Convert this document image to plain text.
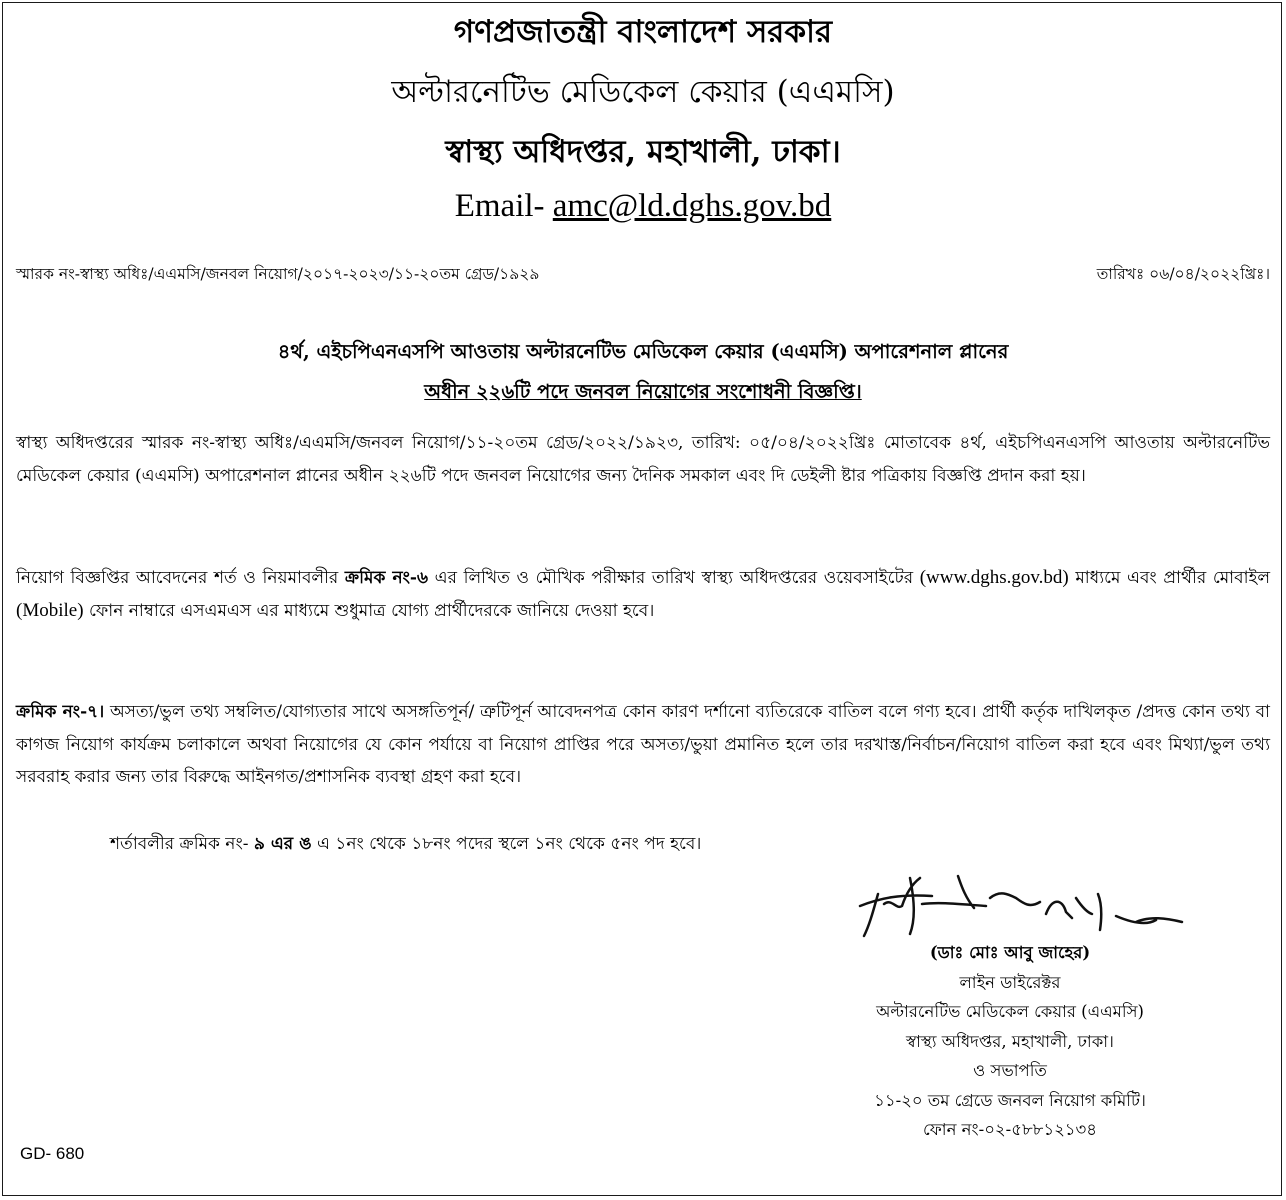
গণপ্রজাতন্ত্রী বাংলাদেশ সরকার
অল্টারনেটিভ মেডিকেল কেয়ার (এএমসি)
স্বাস্থ্য অধিদপ্তর, মহাখালী, ঢাকা।
Email- amc@ld.dghs.gov.bd
স্মারক নং-স্বাস্থ্য অধিঃ/এএমসি/জনবল নিয়োগ/২০১৭-২০২৩/১১-২০তম গ্রেড/১৯২৯	তারিখঃ ০৬/০৪/২০২২খ্রিঃ।
৪র্থ, এইচপিএনএসপি আওতায় অল্টারনেটিভ মেডিকেল কেয়ার (এএমসি) অপারেশনাল প্লানের
অধীন ২২৬টি পদে জনবল নিয়োগের সংশোধনী বিজ্ঞপ্তি।
স্বাস্থ্য অধিদপ্তরের স্মারক নং-স্বাস্থ্য অধিঃ/এএমসি/জনবল নিয়োগ/১১-২০তম গ্রেড/২০২২/১৯২৩, তারিখ: ০৫/০৪/২০২২খ্রিঃ মোতাবেক ৪র্থ, এইচপিএনএসপি আওতায় অল্টারনেটিভ মেডিকেল কেয়ার (এএমসি) অপারেশনাল প্লানের অধীন ২২৬টি পদে জনবল নিয়োগের জন্য দৈনিক সমকাল এবং দি ডেইলী ষ্টার পত্রিকায় বিজ্ঞপ্তি প্রদান করা হয়।
নিয়োগ বিজ্ঞপ্তির আবেদনের শর্ত ও নিয়মাবলীর ক্রমিক নং-৬ এর লিখিত ও মৌখিক পরীক্ষার তারিখ স্বাস্থ্য অধিদপ্তরের ওয়েবসাইটের (www.dghs.gov.bd) মাধ্যমে এবং প্রার্থীর মোবাইল (Mobile) ফোন নাম্বারে এসএমএস এর মাধ্যমে শুধুমাত্র যোগ্য প্রার্থীদেরকে জানিয়ে দেওয়া হবে।
ক্রমিক নং-৭। অসত্য/ভুল তথ্য সম্বলিত/যোগ্যতার সাথে অসঙ্গতিপূর্ন/ ত্রুটিপূর্ন আবেদনপত্র কোন কারণ দর্শানো ব্যতিরেকে বাতিল বলে গণ্য হবে। প্রার্থী কর্তৃক দাখিলকৃত /প্রদত্ত কোন তথ্য বা কাগজ নিয়োগ কার্যক্রম চলাকালে অথবা নিয়োগের যে কোন পর্যায়ে বা নিয়োগ প্রাপ্তির পরে অসত্য/ভুয়া প্রমানিত হলে তার দরখাস্ত/নির্বাচন/নিয়োগ বাতিল করা হবে এবং মিথ্যা/ভুল তথ্য সরবরাহ করার জন্য তার বিরুদ্ধে আইনগত/প্রশাসনিক ব্যবস্থা গ্রহণ করা হবে।
শর্তাবলীর ক্রমিক নং- ৯ এর ঙ এ ১নং থেকে ১৮নং পদের স্থলে ১নং থেকে ৫নং পদ হবে।
(ডাঃ মোঃ আবু জাহের)
লাইন ডাইরেক্টর
অল্টারনেটিভ মেডিকেল কেয়ার (এএমসি)
স্বাস্থ্য অধিদপ্তর, মহাখালী, ঢাকা।
ও সভাপতি
১১-২০ তম গ্রেডে জনবল নিয়োগ কমিটি।
ফোন নং-০২-৫৮৮১২১৩৪
GD- 680
